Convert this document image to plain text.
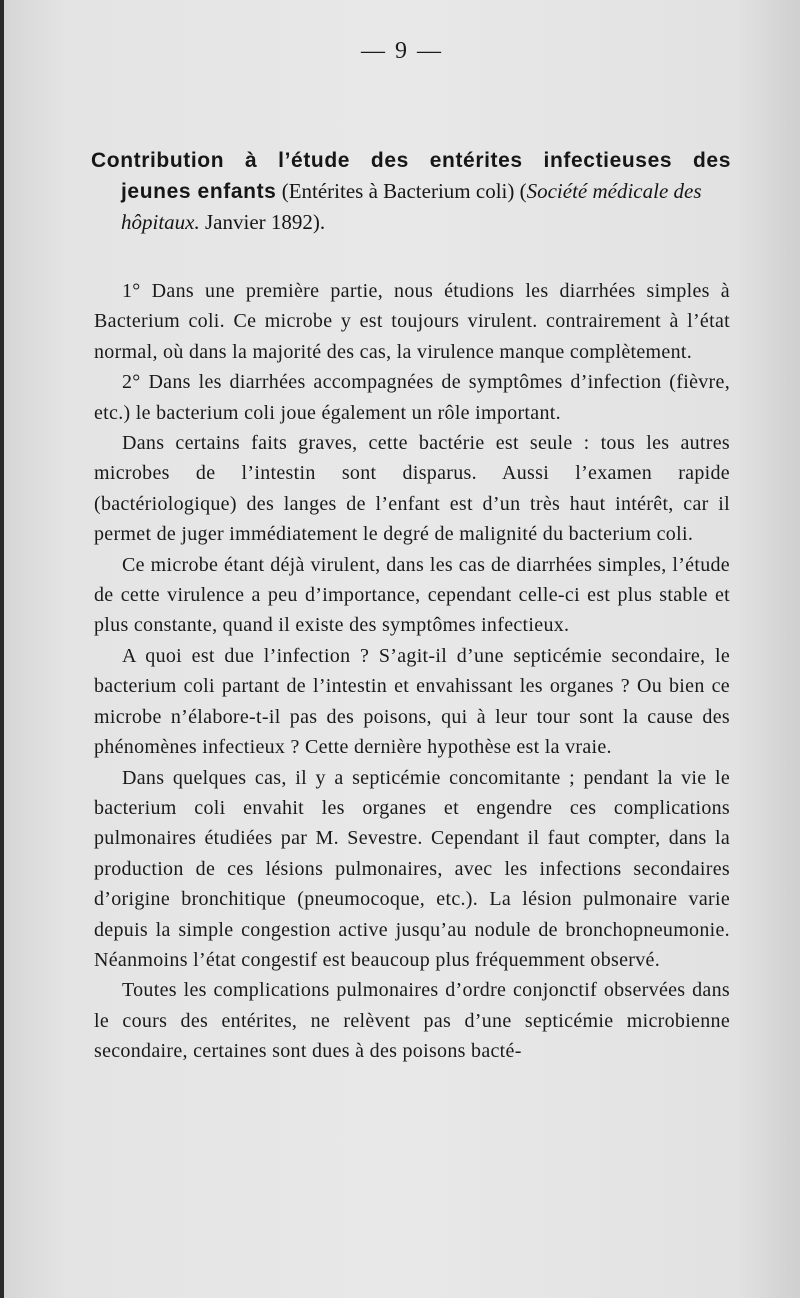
— 9 —
Contribution à l’étude des entérites infectieuses des
jeunes enfants (Entérites à Bacterium coli) (Société médicale des hôpitaux. Janvier 1892).

1° Dans une première partie, nous étudions les diarrhées simples à Bacterium coli. Ce microbe y est toujours virulent. contrairement à l’état normal, où dans la majorité des cas, la virulence manque complètement.

2° Dans les diarrhées accompagnées de symptômes d’infection (fièvre, etc.) le bacterium coli joue également un rôle important.

Dans certains faits graves, cette bactérie est seule : tous les autres microbes de l’intestin sont disparus. Aussi l’examen rapide (bactériologique) des langes de l’enfant est d’un très haut intérêt, car il permet de juger immédiatement le degré de malignité du bacterium coli.

Ce microbe étant déjà virulent, dans les cas de diarrhées simples, l’étude de cette virulence a peu d’importance, cependant celle-ci est plus stable et plus constante, quand il existe des symptômes infectieux.

A quoi est due l’infection ? S’agit-il d’une septicémie secondaire, le bacterium coli partant de l’intestin et envahissant les organes ? Ou bien ce microbe n’élabore-t-il pas des poisons, qui à leur tour sont la cause des phénomènes infectieux ? Cette dernière hypothèse est la vraie.

Dans quelques cas, il y a septicémie concomitante ; pendant la vie le bacterium coli envahit les organes et engendre ces complications pulmonaires étudiées par M. Sevestre. Cependant il faut compter, dans la production de ces lésions pulmonaires, avec les infections secondaires d’origine bronchitique (pneumocoque, etc.). La lésion pulmonaire varie depuis la simple congestion active jusqu’au nodule de bronchopneumonie. Néanmoins l’état congestif est beaucoup plus fréquemment observé.

Toutes les complications pulmonaires d’ordre conjonctif observées dans le cours des entérites, ne relèvent pas d’une septicémie microbienne secondaire, certaines sont dues à des poisons bacté-
